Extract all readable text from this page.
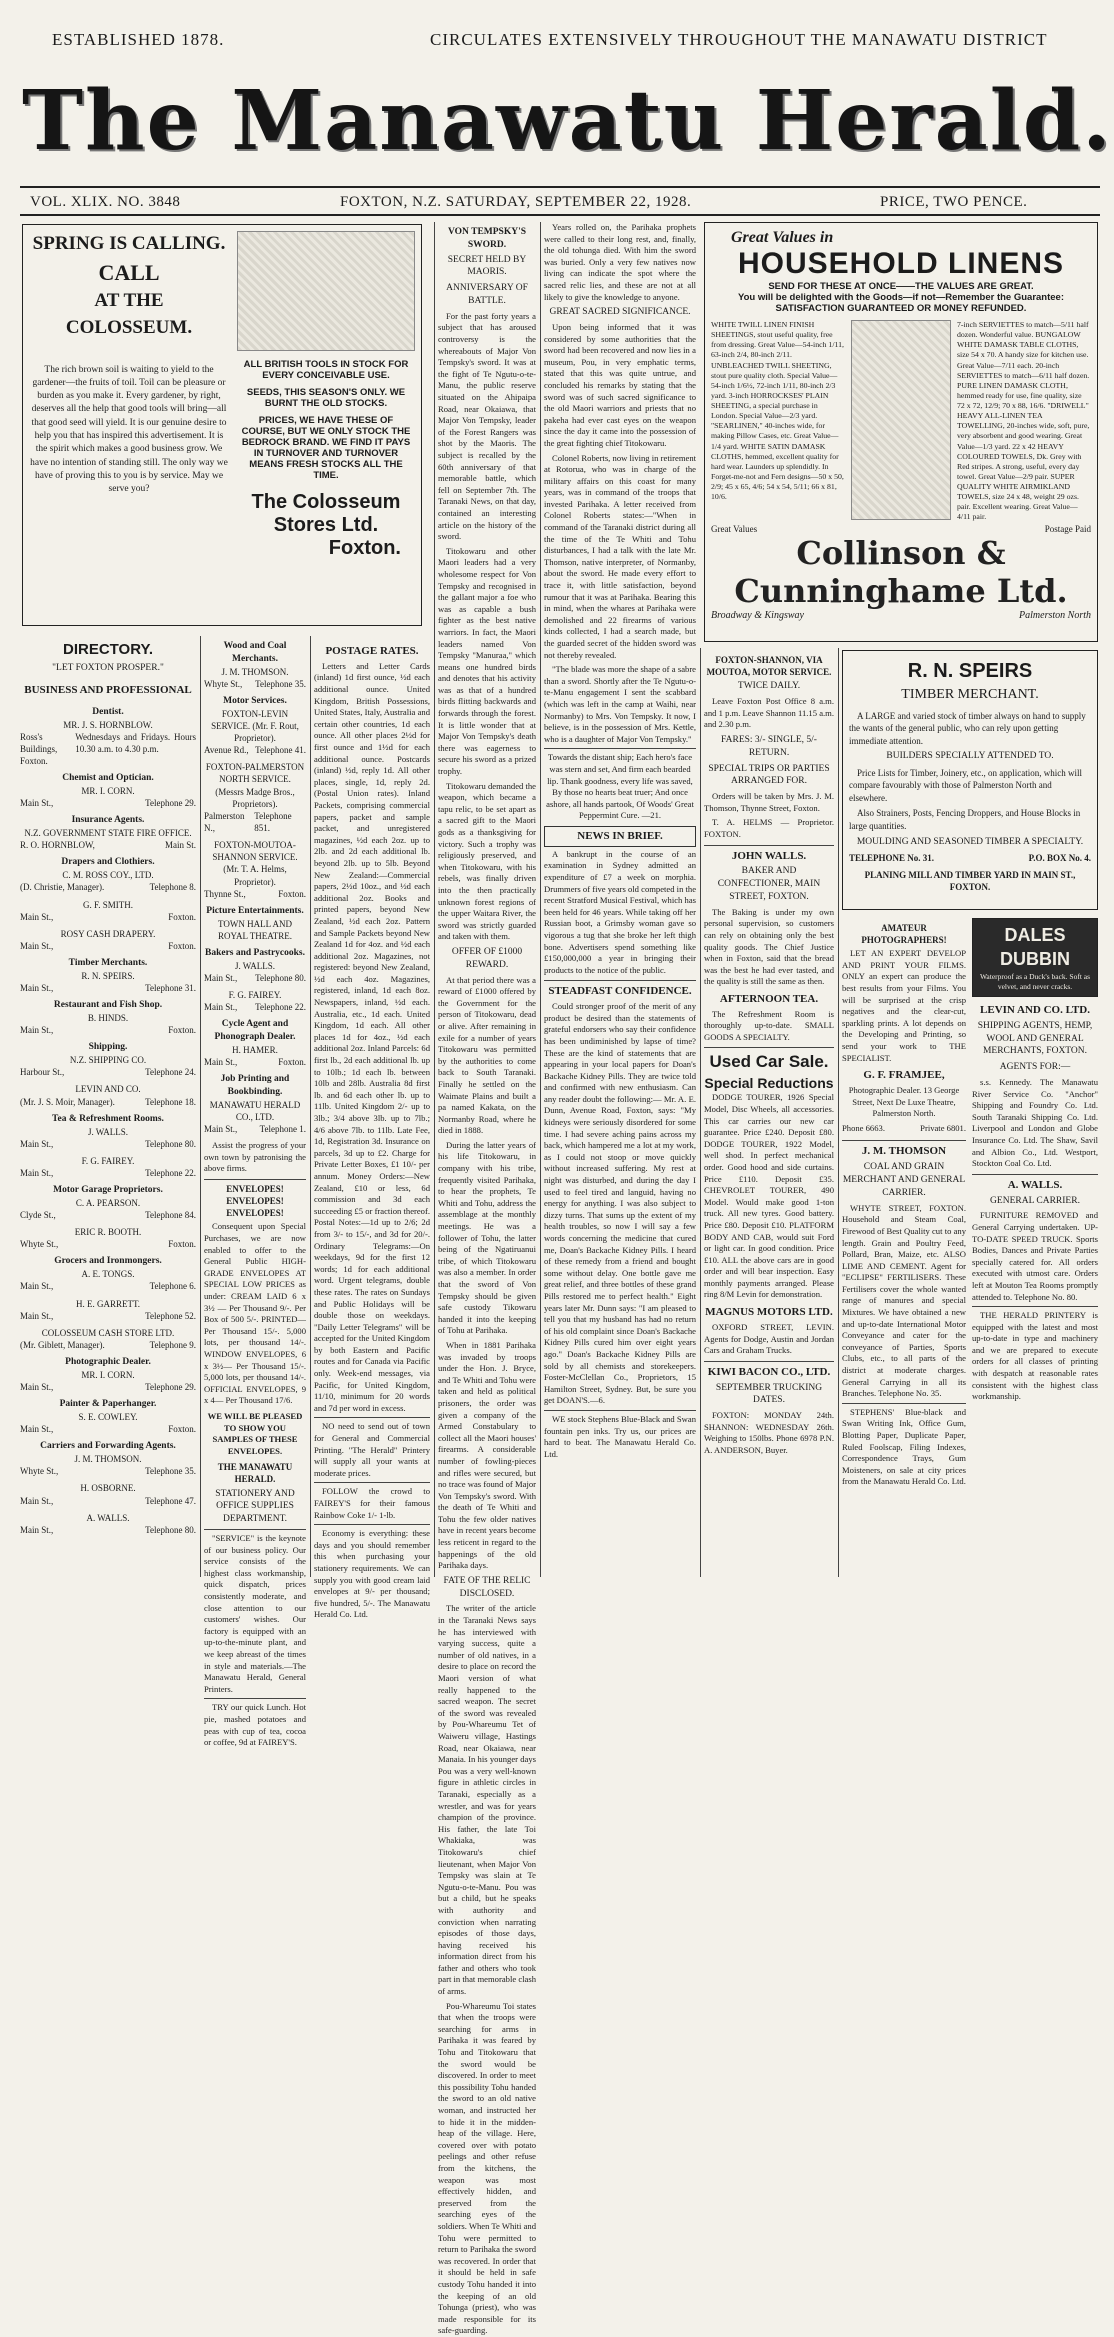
ESTABLISHED 1878.	CIRCULATES EXTENSIVELY THROUGHOUT THE MANAWATU DISTRICT
The Manawatu Herald.
VOL. XLIX. NO. 3848	FOXTON, N.Z. SATURDAY, SEPTEMBER 22, 1928.	PRICE, TWO PENCE.
SPRING IS CALLING.
CALL
AT THE COLOSSEUM.
The rich brown soil is waiting to yield to the gardener—the fruits of toil. Toil can be pleasure or burden as you make it. Every gardener, by right, deserves all the help that good tools will bring—all that good seed will yield. It is our genuine desire to help you that has inspired this advertisement. It is the spirit which makes a good business grow. We have no intention of standing still. The only way we have of proving this to you is by service. May we serve you?
ALL BRITISH TOOLS IN STOCK FOR EVERY CONCEIVABLE USE.
SEEDS, THIS SEASON'S ONLY. WE BURNT THE OLD STOCKS.
PRICES, WE HAVE THESE OF COURSE, BUT WE ONLY STOCK THE BEDROCK BRAND. WE FIND IT PAYS IN TURNOVER AND TURNOVER MEANS FRESH STOCKS ALL THE TIME.
The Colosseum
Stores Ltd.
Foxton.
DIRECTORY.
"LET FOXTON PROSPER."
BUSINESS AND PROFESSIONAL
Dentist.
MR. J. S. HORNBLOW.
Ross's Buildings, Foxton.
Wednesdays and Fridays. Hours 10.30 a.m. to 4.30 p.m.
Chemist and Optician.
MR. I. CORN.
Main St.,	Telephone 29.
Insurance Agents.
N.Z. GOVERNMENT STATE FIRE OFFICE.
R. O. HORNBLOW,	Main St.
Drapers and Clothiers.
C. M. ROSS COY., LTD.
(D. Christie, Manager).	Telephone 8.
G. F. SMITH.
Main St.,	Foxton.
ROSY CASH DRAPERY.
Main St.,	Foxton.
Timber Merchants.
R. N. SPEIRS.
Main St.,	Telephone 31.
Restaurant and Fish Shop.
B. HINDS.
Main St.,	Foxton.
Shipping.
N.Z. SHIPPING CO.
Harbour St.,	Telephone 24.
LEVIN AND CO.
(Mr. J. S. Moir, Manager).	Telephone 18.
Tea & Refreshment Rooms.
J. WALLS.
Main St.,	Telephone 80.
F. G. FAIREY.
Main St.,	Telephone 22.
Motor Garage Proprietors.
C. A. PEARSON.
Clyde St.,	Telephone 84.
ERIC R. BOOTH.
Whyte St.,	Foxton.
Grocers and Ironmongers.
A. E. TONGS.
Main St.,	Telephone 6.
H. E. GARRETT.
Main St.,	Telephone 52.
COLOSSEUM CASH STORE LTD.
(Mr. Giblett, Manager).	Telephone 9.
Photographic Dealer.
MR. I. CORN.
Main St.,	Telephone 29.
Painter & Paperhanger.
S. E. COWLEY.
Main St.,	Foxton.
Carriers and Forwarding Agents.
J. M. THOMSON.
Whyte St.,	Telephone 35.
H. OSBORNE.
Main St.,	Telephone 47.
A. WALLS.
Main St.,	Telephone 80.
Wood and Coal Merchants.
J. M. THOMSON.
Whyte St., Telephone 35.
Motor Services.
FOXTON-LEVIN SERVICE. (Mr. F. Rout, Proprietor).
Avenue Rd., Telephone 41.
FOXTON-PALMERSTON NORTH SERVICE. (Messrs Madge Bros., Proprietors).
Palmerston N.,
Telephone 851.
FOXTON-MOUTOA-SHANNON SERVICE. (Mr. T. A. Helms, Proprietor).
Thynne St.,	Foxton.
Picture Entertainments.
TOWN HALL AND ROYAL THEATRE.
Bakers and Pastrycooks.
J. WALLS.
Main St., Telephone 80.
F. G. FAIREY.
Main St., Telephone 22.
Cycle Agent and Phonograph Dealer.
H. HAMER.
Main St.,	Foxton.
Job Printing and Bookbinding.
MANAWATU HERALD CO., LTD.
Main St., Telephone 1.

Assist the progress of your own town by patronising the above firms.

ENVELOPES! ENVELOPES! ENVELOPES!

Consequent upon Special Purchases, we are now enabled to offer to the General Public HIGH-GRADE ENVELOPES AT SPECIAL LOW PRICES as under: CREAM LAID 6 x 3½ — Per Thousand 9/-. Per Box of 500 5/-. PRINTED— Per Thousand 15/-. 5,000 lots, per thousand 14/-. WINDOW ENVELOPES, 6 x 3½— Per Thousand 15/-. 5,000 lots, per thousand 14/-. OFFICIAL ENVELOPES, 9 x 4— Per Thousand 17/6.

WE WILL BE PLEASED TO SHOW YOU SAMPLES OF THESE ENVELOPES.
THE MANAWATU HERALD.
STATIONERY AND OFFICE SUPPLIES DEPARTMENT.

"SERVICE" is the keynote of our business policy. Our service consists of the highest class workmanship, quick dispatch, prices consistently moderate, and close attention to our customers' wishes. Our factory is equipped with an up-to-the-minute plant, and we keep abreast of the times in style and materials.—The Manawatu Herald, General Printers.

TRY our quick Lunch. Hot pie, mashed potatoes and peas with cup of tea, cocoa or coffee, 9d at FAIREY'S.

POSTAGE RATES.

Letters and Letter Cards (inland) 1d first ounce, ½d each additional ounce. United Kingdom, British Possessions, United States, Italy, Australia and certain other countries, 1d each ounce. All other places 2½d for first ounce and 1½d for each additional ounce. Postcards (inland) ½d, reply 1d. All other places, single, 1d, reply 2d. (Postal Union rates). Inland Packets, comprising commercial papers, packet and sample packet, and unregistered magazines, ½d each 2oz. up to 2lb. and 2d each additional lb. beyond 2lb. up to 5lb. Beyond New Zealand:—Commercial papers, 2½d 10oz., and ½d each additional 2oz. Books and printed papers, beyond New Zealand, ½d each 2oz. Pattern and Sample Packets beyond New Zealand 1d for 4oz. and ½d each additional 2oz. Magazines, not registered: beyond New Zealand, ½d each 4oz. Magazines, registered, inland, 1d each 8oz. Newspapers, inland, ½d each. Australia, etc., 1d each. United Kingdom, 1d each. All other places 1d for 4oz., ½d each additional 2oz. Inland Parcels: 6d first lb., 2d each additional lb. up to 10lb.; 1d each lb. between 10lb and 28lb. Australia 8d first lb. and 6d each other lb. up to 11lb. United Kingdom 2/- up to 3lb.; 3/4 above 3lb. up to 7lb.; 4/6 above 7lb. to 11lb. Late Fee, 1d, Registration 3d. Insurance on parcels, 3d up to £2. Charge for Private Letter Boxes, £1 10/- per annum. Money Orders:—New Zealand, £10 or less, 6d commission and 3d each succeeding £5 or fraction thereof. Postal Notes:—1d up to 2/6; 2d from 3/- to 15/-, and 3d for 20/-. Ordinary Telegrams:—On weekdays, 9d for the first 12 words; 1d for each additional word. Urgent telegrams, double these rates. The rates on Sundays and Public Holidays will be double those on weekdays. "Daily Letter Telegrams" will be accepted for the United Kingdom by both Eastern and Pacific routes and for Canada via Pacific only. Week-end messages, via Pacific, for United Kingdom, 11/10, minimum for 20 words and 7d per word in excess.

NO need to send out of town for General and Commercial Printing. "The Herald" Printery will supply all your wants at moderate prices.

FOLLOW the crowd to FAIREY'S for their famous Rainbow Coke 1/- 1-lb.

Economy is everything: these days and you should remember this when purchasing your stationery requirements. We can supply you with good cream laid envelopes at 9/- per thousand; five hundred, 5/-. The Manawatu Herald Co. Ltd.

VON TEMPSKY'S SWORD.
SECRET HELD BY MAORIS.
ANNIVERSARY OF BATTLE.

For the past forty years a subject that has aroused controversy is the whereabouts of Major Von Tempsky's sword. It was at the fight of Te Ngutu-o-te-Manu, the public reserve situated on the Ahipaipa Road, near Okaiawa, that Major Von Tempsky, leader of the Forest Rangers was shot by the Maoris. The subject is recalled by the 60th anniversary of that memorable battle, which fell on September 7th. The Taranaki News, on that day, contained an interesting article on the history of the sword.

Titokowaru and other Maori leaders had a very wholesome respect for Von Tempsky and recognised in the gallant major a foe who was as capable a bush fighter as the best native warriors. In fact, the Maori leaders named Von Tempsky "Manuraa," which means one hundred birds and denotes that his activity was as that of a hundred birds flitting backwards and forwards through the forest. It is little wonder that at Major Von Tempsky's death there was eagerness to secure his sword as a prized trophy.

Titokowaru demanded the weapon, which became a tapu relic, to be set apart as a sacred gift to the Maori gods as a thanksgiving for victory. Such a trophy was religiously preserved, and when Titokowaru, with his rebels, was finally driven into the then practically unknown forest regions of the upper Waitara River, the sword was strictly guarded and taken with them.

OFFER OF £1000 REWARD.

At that period there was a reward of £1000 offered by the Government for the person of Titokowaru, dead or alive. After remaining in exile for a number of years Titokowaru was permitted by the authorities to come back to South Taranaki. Finally he settled on the Waimate Plains and built a pa named Kakata, on the Normanby Road, where he died in 1888.

During the latter years of his life Titokowaru, in company with his tribe, frequently visited Parihaka, to hear the prophets, Te Whiti and Tohu, address the assemblage at the monthly meetings. He was a follower of Tohu, the latter being of the Ngatiruanui tribe, of which Titokowaru was also a member. In order that the sword of Von Tempsky should be given safe custody Tikowaru handed it into the keeping of Tohu at Parihaka.

When in 1881 Parihaka was invaded by troops under the Hon. J. Bryce, and Te Whiti and Tohu were taken and held as political prisoners, the order was given a company of the Armed Constabulary to collect all the Maori houses' firearms. A considerable number of fowling-pieces and rifles were secured, but no trace was found of Major Von Tempsky's sword. With the death of Te Whiti and Tohu the few older natives have in recent years become less reticent in regard to the happenings of the old Parihaka days.

FATE OF THE RELIC DISCLOSED.

The writer of the article in the Taranaki News says he has interviewed with varying success, quite a number of old natives, in a desire to place on record the Maori version of what really happened to the sacred weapon. The secret of the sword was revealed by Pou-Whareumu Tet of Waiweru village, Hastings Road, near Okaiawa, near Manaia. In his younger days Pou was a very well-known figure in athletic circles in Taranaki, especially as a wrestler, and was for years champion of the province. His father, the late Toi Whakiaka, was Titokowaru's chief lieutenant, when Major Von Tempsky was slain at Te Ngutu-o-te-Manu. Pou was but a child, but he speaks with authority and conviction when narrating episodes of those days, having received his information direct from his father and others who took part in that memorable clash of arms.

Pou-Whareumu Toi states that when the troops were searching for arms in Parihaka it was feared by Tohu and Titokowaru that the sword would be discovered. In order to meet this possibility Tohu handed the sword to an old native woman, and instructed her to hide it in the midden-heap of the village. Here, covered over with potato peelings and other refuse from the kitchens, the weapon was most effectively hidden, and preserved from the searching eyes of the soldiers. When Te Whiti and Tohu were permitted to return to Parihaka the sword was recovered. In order that it should be held in safe custody Tohu handed it into the keeping of an old Tohunga (priest), who was made responsible for its safe-guarding.

Years rolled on, the Parihaka prophets were called to their long rest, and, finally, the old tohunga died. With him the sword was buried. Only a very few natives now living can indicate the spot where the sacred relic lies, and these are not at all likely to give the knowledge to anyone.

GREAT SACRED SIGNIFICANCE.

Upon being informed that it was considered by some authorities that the sword had been recovered and now lies in a museum, Pou, in very emphatic terms, stated that this was quite untrue, and concluded his remarks by stating that the sword was of such sacred significance to the old Maori warriors and priests that no pakeha had ever cast eyes on the weapon since the day it came into the possession of the great fighting chief Titokowaru.

Colonel Roberts, now living in retirement at Rotorua, who was in charge of the military affairs on this coast for many years, was in command of the troops that invested Parihaka. A letter received from Colonel Roberts states:—"When in command of the Taranaki district during all the time of the Te Whiti and Tohu disturbances, I had a talk with the late Mr. Thomson, native interpreter, of Normanby, about the sword. He made every effort to trace it, with little satisfaction, beyond rumour that it was at Parihaka. Bearing this in mind, when the whares at Parihaka were demolished and 22 firearms of various kinds collected, I had a search made, but the guarded secret of the hidden sword was not thereby revealed.

"The blade was more the shape of a sabre than a sword. Shortly after the Te Ngutu-o-te-Manu engagement I sent the scabbard (which was left in the camp at Waihi, near Normanby) to Mrs. Von Tempsky. It now, I believe, is in the possession of Mrs. Kettle, who is a daughter of Major Von Tempsky."

Towards the distant ship; Each hero's face was stern and set, And firm each bearded lip. Thank goodness, every life was saved, By those no hearts beat truer; And once ashore, all hands partook, Of Woods' Great Peppermint Cure. —21.

NEWS IN BRIEF.

A bankrupt in the course of an examination in Sydney admitted an expenditure of £7 a week on morphia. Drummers of five years old competed in the recent Stratford Musical Festival, which has been held for 46 years. While taking off her Russian boot, a Grimsby woman gave so vigorous a tug that she broke her left thigh bone. Advertisers spend something like £150,000,000 a year in bringing their products to the notice of the public.

STEADFAST CONFIDENCE.

Could stronger proof of the merit of any product be desired than the statements of grateful endorsers who say their confidence has been undiminished by lapse of time? These are the kind of statements that are appearing in your local papers for Doan's Backache Kidney Pills. They are twice told and confirmed with new enthusiasm. Can any reader doubt the following:— Mr. A. E. Dunn, Avenue Road, Foxton, says: "My kidneys were seriously disordered for some time. I had severe aching pains across my back, which hampered me a lot at my work, as I could not stoop or move quickly without increased suffering. My rest at night was disturbed, and during the day I used to feel tired and languid, having no energy for anything. I was also subject to dizzy turns. That sums up the extent of my health troubles, so now I will say a few words concerning the medicine that cured me, Doan's Backache Kidney Pills. I heard of these remedy from a friend and bought some without delay. One bottle gave me great relief, and three bottles of these grand Pills restored me to perfect health." Eight years later Mr. Dunn says: "I am pleased to tell you that my husband has had no return of his old complaint since Doan's Backache Kidney Pills cured him over eight years ago." Doan's Backache Kidney Pills are sold by all chemists and storekeepers. Foster-McClellan Co., Proprietors, 15 Hamilton Street, Sydney. But, be sure you get DOAN'S.—6.

WE stock Stephens Blue-Black and Swan fountain pen inks. Try us, our prices are hard to beat. The Manawatu Herald Co. Ltd.

Great Values in
HOUSEHOLD LINENS
SEND FOR THESE AT ONCE——THE VALUES ARE GREAT.
You will be delighted with the Goods—if not—Remember the Guarantee:
SATISFACTION GUARANTEED OR MONEY REFUNDED.
WHITE TWILL LINEN FINISH SHEETINGS, stout useful quality, free from dressing. Great Value—54-inch 1/11, 63-inch 2/4, 80-inch 2/11. UNBLEACHED TWILL SHEETING, stout pure quality cloth. Special Value—54-inch 1/6½, 72-inch 1/11, 80-inch 2/3 yard. 3-inch HORROCKSES' PLAIN SHEETING, a special purchase in London. Special Value—2/3 yard. "SEARLINEN," 40-inches wide, for making Pillow Cases, etc. Great Value—1/4 yard. WHITE SATIN DAMASK CLOTHS, hemmed, excellent quality for hard wear. Launders up splendidly. In Forget-me-not and Fern designs—50 x 50, 2/9; 45 x 65, 4/6; 54 x 54, 5/11; 66 x 81, 10/6.
7-inch SERVIETTES to match—5/11 half dozen. Wonderful value. BUNGALOW WHITE DAMASK TABLE CLOTHS, size 54 x 70. A handy size for kitchen use. Great Value—7/11 each. 20-inch SERVIETTES to match—6/11 half dozen. PURE LINEN DAMASK CLOTH, hemmed ready for use, fine quality, size 72 x 72, 12/9; 70 x 88, 16/6. "DRIWELL" HEAVY ALL-LINEN TEA TOWELLING, 20-inches wide, soft, pure, very absorbent and good wearing. Great Value—1/3 yard. 22 x 42 HEAVY COLOURED TOWELS, Dk. Grey with Red stripes. A strong, useful, every day towel. Great Value—2/9 pair. SUPER QUALITY WHITE AIRMIKLAND TOWELS, size 24 x 48, weight 29 ozs. pair. Excellent wearing. Great Value—4/11 pair.
Great Values	Postage Paid
Collinson & Cunninghame Ltd.
Broadway & Kingsway	Palmerston North
FOXTON-SHANNON, VIA MOUTOA, MOTOR SERVICE.
TWICE DAILY.

Leave Foxton Post Office 8 a.m. and 1 p.m. Leave Shannon 11.15 a.m. and 2.30 p.m.

FARES: 3/- SINGLE, 5/- RETURN.
SPECIAL TRIPS OR PARTIES ARRANGED FOR.

Orders will be taken by Mrs. J. M. Thomson, Thynne Street, Foxton.

T. A. HELMS — Proprietor. FOXTON.

JOHN WALLS.
BAKER AND CONFECTIONER, MAIN STREET, FOXTON.

The Baking is under my own personal supervision, so customers can rely on obtaining only the best quality goods. The Chief Justice when in Foxton, said that the bread was the best he had ever tasted, and the quality is still the same as then.

AFTERNOON TEA.

The Refreshment Room is thoroughly up-to-date. SMALL GOODS A SPECIALTY.

Used Car Sale.
Special Reductions

DODGE TOURER, 1926 Special Model, Disc Wheels, all accessories. This car carries our new car guarantee. Price £240. Deposit £80. DODGE TOURER, 1922 Model, well shod. In perfect mechanical order. Good hood and side curtains. Price £110. Deposit £35. CHEVROLET TOURER, 490 Model. Would make good 1-ton truck. All new tyres. Good battery. Price £80. Deposit £10. PLATFORM BODY AND CAB, would suit Ford or light car. In good condition. Price £10. ALL the above cars are in good order and will bear inspection. Easy monthly payments arranged. Please ring 8/M Levin for demonstration.

MAGNUS MOTORS LTD.

OXFORD STREET, LEVIN. Agents for Dodge, Austin and Jordan Cars and Graham Trucks.

KIWI BACON CO., LTD.
SEPTEMBER TRUCKING DATES.

FOXTON: MONDAY 24th. SHANNON: WEDNESDAY 26th. Weighing to 150lbs. Phone 6978 P.N. A. ANDERSON, Buyer.

R. N. SPEIRS
TIMBER MERCHANT.

A LARGE and varied stock of timber always on hand to supply the wants of the general public, who can rely upon getting immediate attention.

BUILDERS SPECIALLY ATTENDED TO.

Price Lists for Timber, Joinery, etc., on application, which will compare favourably with those of Palmerston North and elsewhere.

Also Strainers, Posts, Fencing Droppers, and House Blocks in large quantities.

MOULDING AND SEASONED TIMBER A SPECIALTY.
TELEPHONE No. 31.	P.O. BOX No. 4.
PLANING MILL AND TIMBER YARD IN MAIN ST., FOXTON.
AMATEUR PHOTOGRAPHERS!

LET AN EXPERT DEVELOP AND PRINT YOUR FILMS. ONLY an expert can produce the best results from your Films. You will be surprised at the crisp negatives and the clear-cut, sparkling prints. A lot depends on the Developing and Printing, so send your work to THE SPECIALIST.

G. F. FRAMJEE,

Photographic Dealer. 13 George Street, Next De Luxe Theatre, Palmerston North.

Phone 6663.	Private 6801.
J. M. THOMSON
COAL AND GRAIN MERCHANT AND GENERAL CARRIER.

WHYTE STREET, FOXTON. Household and Steam Coal, Firewood of Best Quality cut to any length. Grain and Poultry Feed, Pollard, Bran, Maize, etc. ALSO LIME AND CEMENT. Agent for "ECLIPSE" FERTILISERS. These Fertilisers cover the whole wanted range of manures and special Mixtures. We have obtained a new and up-to-date International Motor Conveyance and cater for the conveyance of Parties, Sports Clubs, etc., to all parts of the district at moderate charges. General Carrying in all its Branches. Telephone No. 35.

STEPHENS' Blue-black and Swan Writing Ink, Office Gum, Blotting Paper, Duplicate Paper, Ruled Foolscap, Filing Indexes, Correspondence Trays, Gum Moisteners, on sale at city prices from the Manawatu Herald Co. Ltd.

DALES DUBBIN
Waterproof as a Duck's back. Soft as velvet, and never cracks.
LEVIN AND CO. LTD.
SHIPPING AGENTS, HEMP, WOOL AND GENERAL MERCHANTS, FOXTON.
AGENTS FOR:—

s.s. Kennedy. The Manawatu River Service Co. "Anchor" Shipping and Foundry Co. Ltd. South Taranaki Shipping Co. Ltd. Liverpool and London and Globe Insurance Co. Ltd. The Shaw, Savil and Albion Co., Ltd. Westport, Stockton Coal Co. Ltd.

A. WALLS.
GENERAL CARRIER.

FURNITURE REMOVED and General Carrying undertaken. UP-TO-DATE SPEED TRUCK. Sports Bodies, Dances and Private Parties specially catered for. All orders executed with utmost care. Orders left at Mouton Tea Rooms promptly attended to. Telephone No. 80.

THE HERALD PRINTERY is equipped with the latest and most up-to-date in type and machinery and we are prepared to execute orders for all classes of printing with despatch at reasonable rates consistent with the highest class workmanship.
